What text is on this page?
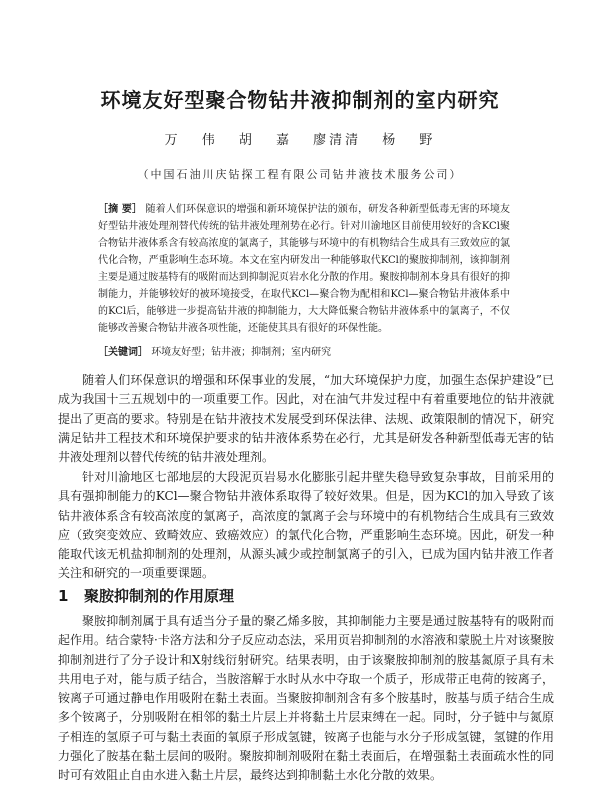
环境友好型聚合物钻井液抑制剂的室内研究

万 伟 胡 嘉 廖清清 杨 野

（中国石油川庆钻探工程有限公司钻井液技术服务公司）

［摘 要］ 随着人们环保意识的增强和新环境保护法的颁布，研发各种新型低毒无害的环境友好型钻井液处理剂替代传统的钻井液处理剂势在必行。针对川渝地区目前使用较好的含KCl聚合物钻井液体系含有较高浓度的氯离子，其能够与环境中的有机物结合生成具有三致效应的氯代化合物，严重影响生态环境。本文在室内研发出一种能够取代KCl的聚胺抑制剂，该抑制剂主要是通过胺基特有的吸附而达到抑制泥页岩水化分散的作用。聚胺抑制剂本身具有很好的抑制能力，并能够较好的被环境接受，在取代KCl—聚合物为配相和KCl—聚合物钻井液体系中的KCl后，能够进一步提高钻井液的抑制能力，大大降低聚合物钻井液体系中的氯离子，不仅能够改善聚合物钻井液各项性能，还能使其具有很好的环保性能。

［关键词］ 环境友好型；钻井液；抑制剂；室内研究

随着人们环保意识的增强和环保事业的发展，“加大环境保护力度，加强生态保护建设”已成为我国十三五规划中的一项重要工作。因此，对在油气井发过程中有着重要地位的钻井液就提出了更高的要求。特别是在钻井液技术发展受到环保法律、法规、政策限制的情况下，研究满足钻井工程技术和环境保护要求的钻井液体系势在必行，尤其是研发各种新型低毒无害的钻井液处理剂以替代传统的钻井液处理剂。

针对川渝地区七部地层的大段泥页岩易水化膨胀引起井壁失稳导致复杂事故，目前采用的具有强抑制能力的KCl—聚合物钻井液体系取得了较好效果。但是，因为KCl的加入导致了该钻井液体系含有较高浓度的氯离子，高浓度的氯离子会与环境中的有机物结合生成具有三致效应（致突变效应、致畸效应、致癌效应）的氯代化合物，严重影响生态环境。因此，研发一种能取代该无机盐抑制剂的处理剂，从源头减少或控制氯离子的引入，已成为国内钻井液工作者关注和研究的一项重要课题。

1 聚胺抑制剂的作用原理

聚胺抑制剂属于具有适当分子量的聚乙烯多胺，其抑制能力主要是通过胺基特有的吸附而起作用。结合蒙特·卡洛方法和分子反应动态法，采用页岩抑制剂的水溶液和蒙脱土片对该聚胺抑制剂进行了分子设计和X射线衍射研究。结果表明，由于该聚胺抑制剂的胺基氮原子具有未共用电子对，能与质子结合，当胺溶解于水时从水中夺取一个质子，形成带正电荷的铵离子，铵离子可通过静电作用吸附在黏土表面。当聚胺抑制剂含有多个胺基时，胺基与质子结合生成多个铵离子，分别吸附在相邻的黏土片层上并将黏土片层束缚在一起。同时，分子链中与氮原子相连的氢原子可与黏土表面的氧原子形成氢键，铵离子也能与水分子形成氢键，氢键的作用力强化了胺基在黏土层间的吸附。聚胺抑制剂吸附在黏土表面后，在增强黏土表面疏水性的同时可有效阻止自由水进入黏土片层，最终达到抑制黏土水化分散的效果。
